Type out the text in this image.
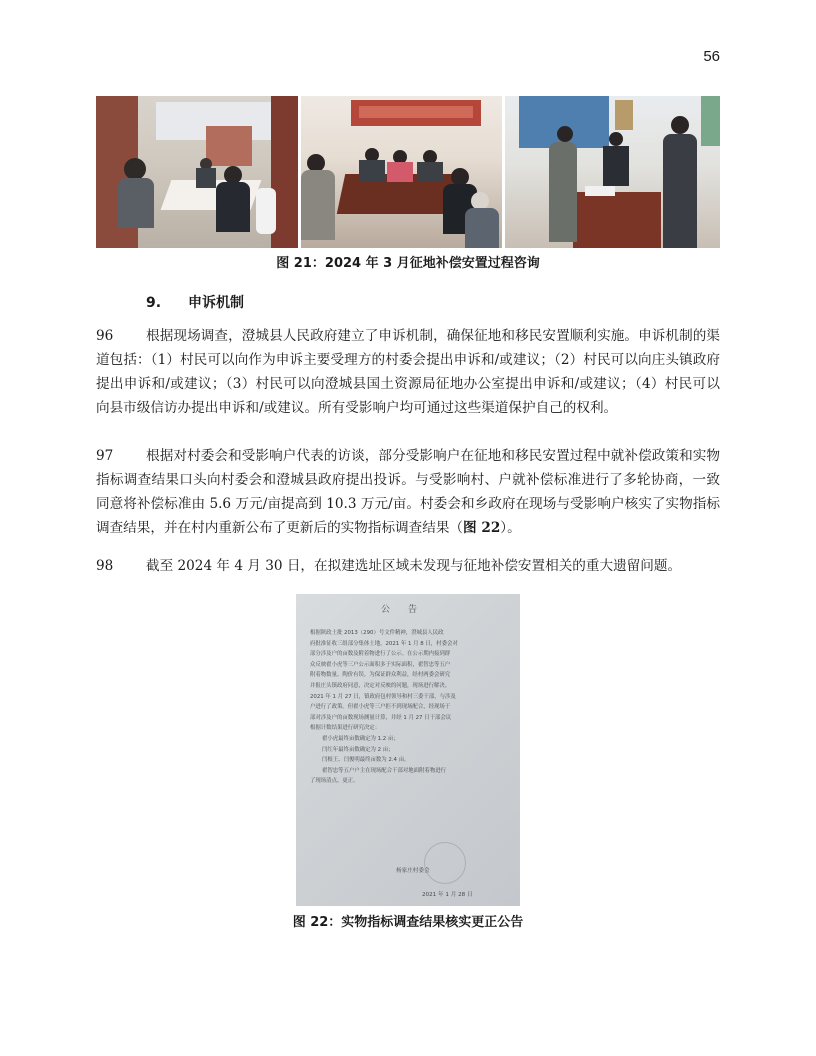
56
图 21：2024 年 3 月征地补偿安置过程咨询
9. 申诉机制
96 根据现场调查，澄城县人民政府建立了申诉机制，确保征地和移民安置顺利实施。申诉机制的渠道包括：（1）村民可以向作为申诉主要受理方的村委会提出申诉和/或建议；（2）村民可以向庄头镇政府提出申诉和/或建议；（3）村民可以向澄城县国土资源局征地办公室提出申诉和/或建议；（4）村民可以向县市级信访办提出申诉和/或建议。所有受影响户均可通过这些渠道保护自己的权利。
97 根据对村委会和受影响户代表的访谈，部分受影响户在征地和移民安置过程中就补偿政策和实物指标调查结果口头向村委会和澄城县政府提出投诉。与受影响村、户就补偿标准进行了多轮协商，一致同意将补偿标准由 5.6 万元/亩提高到 10.3 万元/亩。村委会和乡政府在现场与受影响户核实了实物指标调查结果，并在村内重新公布了更新后的实物指标调查结果（图 22）。
98 截至 2024 年 4 月 30 日，在拟建选址区域未发现与征地补偿安置相关的重大遗留问题。
公告
根据陕政土批 2013（290）号文件精神，澄城县人民政
府批准征收三组部分集体土地。2021 年 1 月 8 日，村委会对
部分涉及户的亩数及附着物进行了公示。在公示期内接到群
众反映翟小虎等三户公示面积多于实际面积，翟智忠等五户
附着物数量、陶价有误。为保证群众利益，经村两委会研究
并报庄头镇政府同意，决定对反映的问题，现场进行解决。
2021 年 1 月 27 日，镇政府包村领导和村三委干部，与涉及
户进行了政策。但翟小虎等三户拒不到现场配合，经现场干
部对涉及户的亩数现场测量计算，并经 1 月 27 日干部会议
根据计数结果进行研究决定：
翟小虎最终亩数确定为 1.2 亩；
闫红年最终亩数确定为 2 亩；
闫根王、闫俊明最终亩数为 2.4 亩。
翟智忠等五户户主在现场配合干部对地面附着物进行
了现场清点，更正。
杨家庄村委会
2021 年 1 月 28 日
图 22：实物指标调查结果核实更正公告
